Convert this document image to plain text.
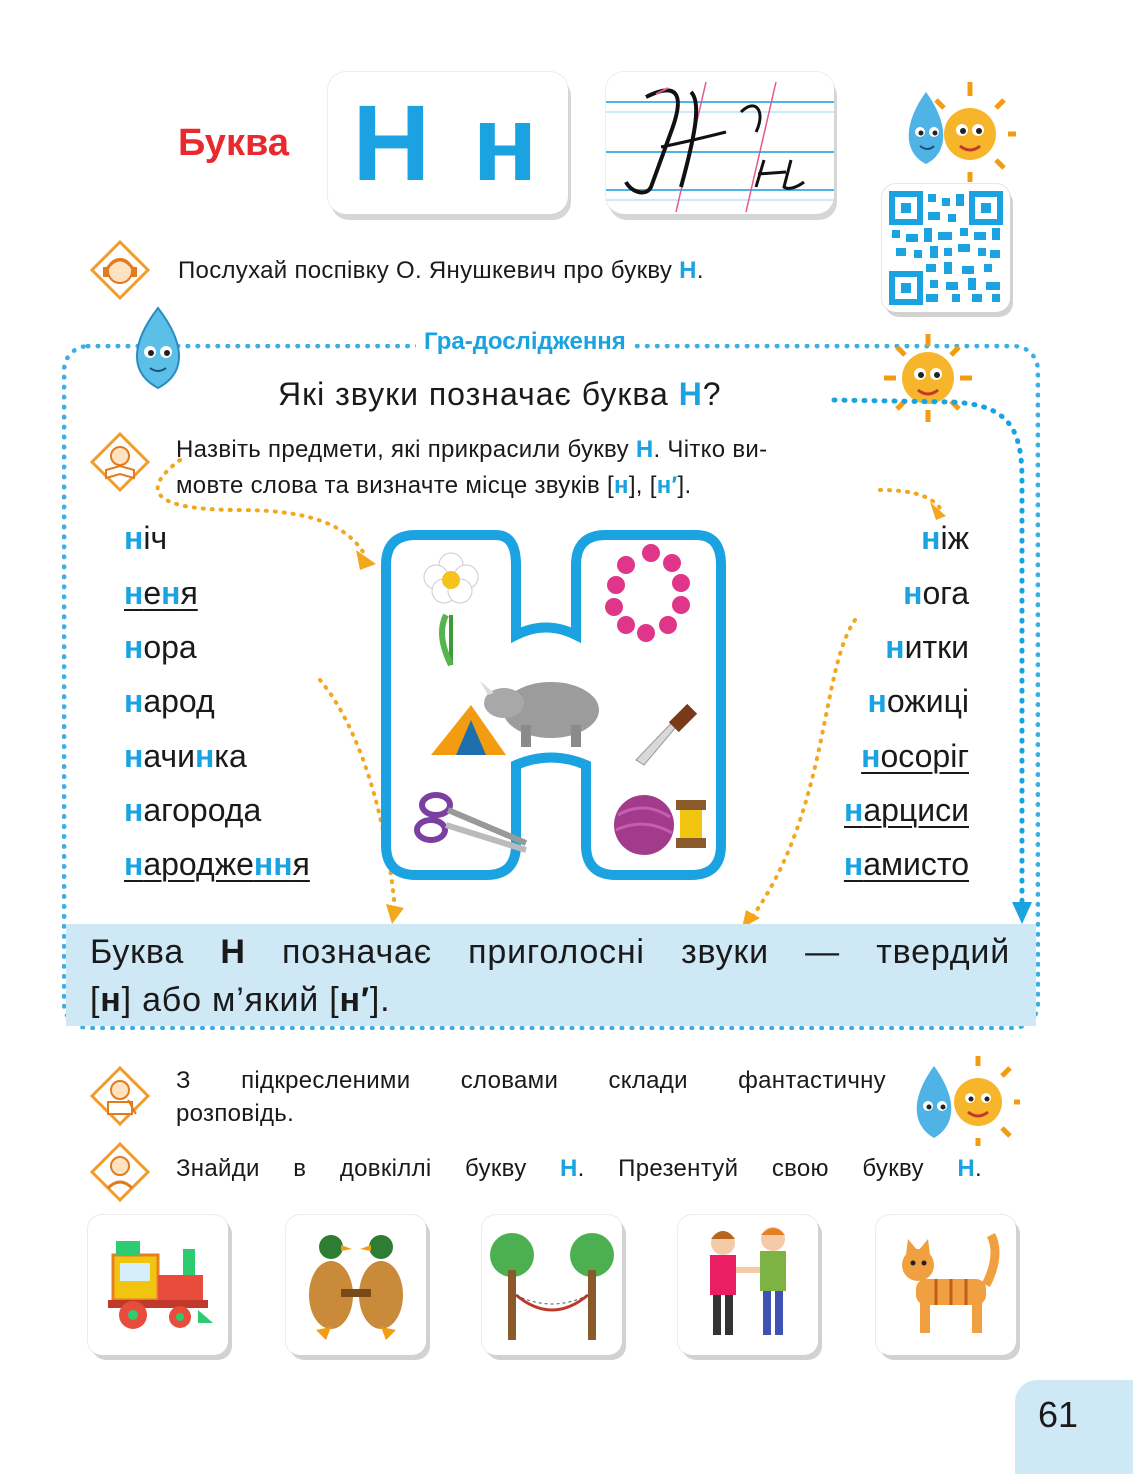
Буква Н н
Послухай поспівку О. Янушкевич про букву Н.
Гра-дослідження
Які звуки позначає буква Н?
Назвіть предмети, які прикрасили букву Н. Чітко ви-
мовте слова та визначте місце звуків [н], [н′].
ніч
неня
нора
народ
начинка
нагорода
народження
ніж
нога
нитки
ножиці
носоріг
нарциси
намисто
Буква Н позначає приголосні звуки — твердий
[н] або м’який [н′].
З підкресленими словами склади фантастичну
розповідь.
Знайди в довкіллі букву Н. Презентуй свою букву Н.
61
